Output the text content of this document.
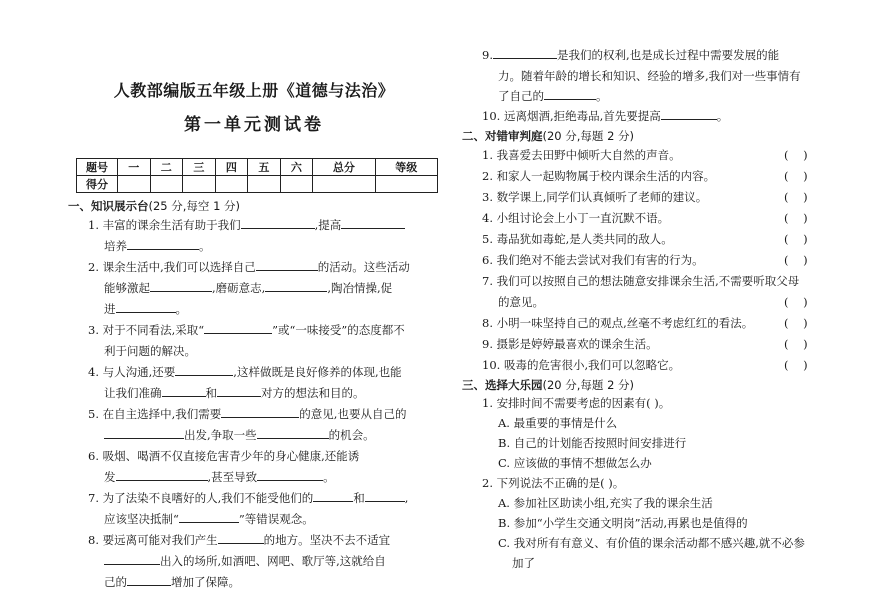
人教部编版五年级上册《道德与法治》
第一单元测试卷
题号	一	二	三	四	五	六	总分	等级
得分								
一、知识展示台(25 分,每空 1 分)
1. 丰富的课余生活有助于我们	,提高
培养	。
2. 课余生活中,我们可以选择自己	的活动。这些活动
能够激起	,磨砺意志,	,陶冶情操,促
进	。
3. 对于不同看法,采取“	”或“一味接受”的态度都不
利于问题的解决。
4. 与人沟通,还要	,这样做既是良好修养的体现,也能
让我们准确	和	对方的想法和目的。
5. 在自主选择中,我们需要	的意见,也要从自己的
出发,争取一些	的机会。
6. 吸烟、喝酒不仅直接危害青少年的身心健康,还能诱
发	,甚至导致	。
7. 为了法染不良嗜好的人,我们不能受他们的	和	,
应该坚决抵制“	”等错误观念。
8. 要远离可能对我们产生	的地方。坚决不去不适宜
出入的场所,如酒吧、网吧、歌厅等,这就给自
己的	增加了保障。
9.	是我们的权利,也是成长过程中需要发展的能
力。随着年龄的增长和知识、经验的增多,我们对一些事情有
了自己的	。
10. 远离烟酒,拒绝毒品,首先要提高	。
二、对错审判庭(20 分,每题 2 分)
1. 我喜爱去田野中倾听大自然的声音。	(    )
2. 和家人一起购物属于校内课余生活的内容。	(    )
3. 数学课上,同学们认真倾听了老师的建议。	(    )
4. 小组讨论会上小丁一直沉默不语。	(    )
5. 毒品犹如毒蛇,是人类共同的敌人。	(    )
6. 我们绝对不能去尝试对我们有害的行为。	(    )
7. 我们可以按照自己的想法随意安排课余生活,不需要听取父母
的意见。	(    )
8. 小明一味坚持自己的观点,丝毫不考虑红红的看法。	(    )
9. 摄影是婷婷最喜欢的课余生活。	(    )
10. 吸毒的危害很小,我们可以忽略它。	(    )
三、选择大乐园(20 分,每题 2 分)
1. 安排时间不需要考虑的因素有( )。
A. 最重要的事情是什么
B. 自己的计划能否按照时间安排进行
C. 应该做的事情不想做怎么办
2. 下列说法不正确的是( )。
A. 参加社区助读小组,充实了我的课余生活
B. 参加“小学生交通文明岗”活动,再累也是值得的
C. 我对所有有意义、有价值的课余活动都不感兴趣,就不必参
加了
